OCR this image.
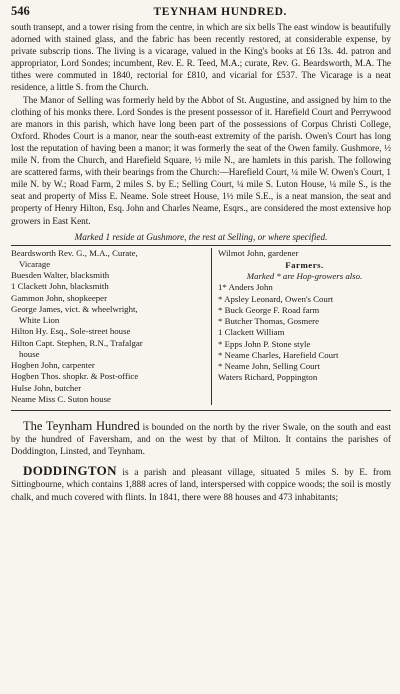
546	TEYNHAM HUNDRED.

south transept, and a tower rising from the centre, in which are six bells The east window is beautifully adorned with stained glass, and the fabric has been recently restored, at considerable expense, by private subscrip tions. The living is a vicarage, valued in the King's books at £6 13s. 4d. patron and appropriator, Lord Sondes; incumbent, Rev. E. R. Teed, M.A.; curate, Rev. G. Beardsworth, M.A. The tithes were commuted in 1840, rectorial for £810, and vicarial for £537. The Vicarage is a neat residence, a little S. from the Church.

The Manor of Selling was formerly held by the Abbot of St. Augustine, and assigned by him to the clothing of his monks there. Lord Sondes is the present possessor of it. Harefield Court and Perrywood are manors in this parish, which have long been part of the possessions of Corpus Christi College, Oxford. Rhodes Court is a manor, near the south-east extremity of the parish. Owen's Court has long lost the reputation of having been a manor; it was formerly the seat of the Owen family. Gushmore, ½ mile N. from the Church, and Harefield Square, ½ mile N., are hamlets in this parish. The following are scattered farms, with their bearings from the Church:—Harefield Court, ¼ mile W. Owen's Court, 1 mile N. by W.; Road Farm, 2 miles S. by E.; Selling Court, ¼ mile S. Luton House, ¼ mile S., is the seat and property of Miss E. Neame. Sole street House, 1½ mile S.E., is a neat mansion, the seat and property of Henry Hilton, Esq. John and Charles Neame, Esqrs., are considered the most extensive hop growers in East Kent.

Marked 1 reside at Gushmore, the rest at Selling, or where specified.
Beardsworth Rev. G., M.A., Curate,
Vicarage
Buesden Walter, blacksmith
1 Clackett John, blacksmith
Gammon John, shopkeeper
George James, vict. & wheelwright,
White Lion
Hilton Hy. Esq., Sole-street house
Hilton Capt. Stephen, R.N., Trafalgar
house
Hogben John, carpenter
Hogben Thos. shopkr. & Post-office
Hulse John, butcher
Neame Miss C. Suton house
Wilmot John, gardener
Farmers.
Marked * are Hop-growers also.
1* Anders John
* Apsley Leonard, Owen's Court
* Buck George F. Road farm
* Butcher Thomas, Gosmere
1 Clackett William
* Epps John P. Stone style
* Neame Charles, Harefield Court
* Neame John, Selling Court
Waters Richard, Poppington

The Teynham Hundred is bounded on the north by the river Swale, on the south and east by the hundred of Faversham, and on the west by that of Milton. It contains the parishes of Doddington, Linsted, and Teynham.

DODDINGTON is a parish and pleasant village, situated 5 miles S. by E. from Sittingbourne, which contains 1,888 acres of land, interspersed with coppice woods; the soil is mostly chalk, and much covered with flints. In 1841, there were 88 houses and 473 inhabitants;
